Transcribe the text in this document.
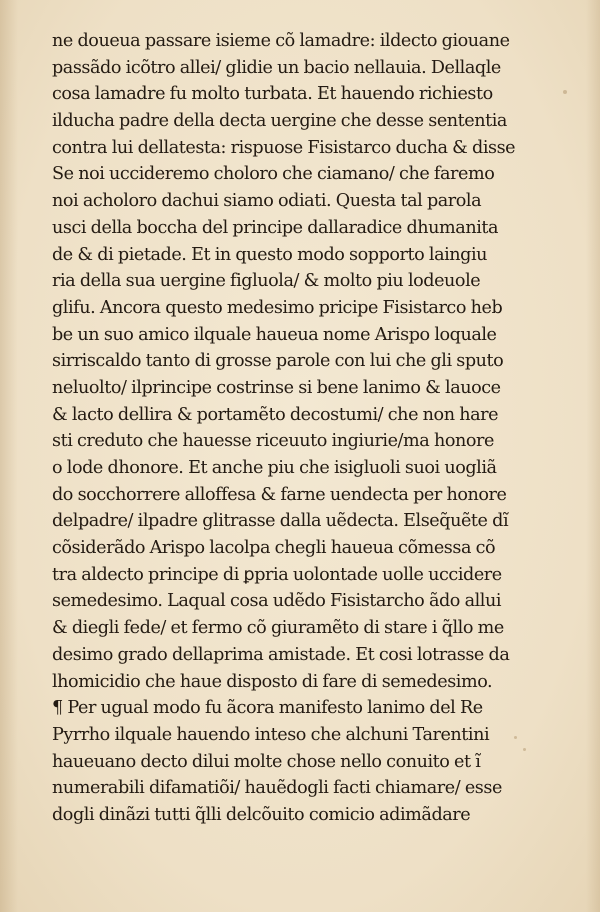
ne doueua passare isieme cõ lamadre: ildecto giouane
passãdo icõtro allei/ glidie un bacio nellauia. Dellaqle
cosa lamadre fu molto turbata. Et hauendo richiesto
ilducha padre della decta uergine che desse sententia
contra lui dellatesta: rispuose Fisistarco ducha & disse
Se noi uccideremo choloro che ciamano/ che faremo
noi acholoro dachui siamo odiati. Questa tal parola
usci della boccha del principe dallaradice dhumanita
de & di pietade. Et in questo modo sopporto laingiu
ria della sua uergine figluola/ & molto piu lodeuole
glifu. Ancora questo medesimo pricipe Fisistarco heb
be un suo amico ilquale haueua nome Arispo loquale
sirriscaldo tanto di grosse parole con lui che gli sputo
neluolto/ ilprincipe costrinse si bene lanimo & lauoce
& lacto dellira & portamẽto decostumi/ che non hare
sti creduto che hauesse riceuuto ingiurie/ma honore
o lode dhonore. Et anche piu che isigluoli suoi uogliã
do socchorrere alloffesa & farne uendecta per honore
delpadre/ ilpadre glitrasse dalla uẽdecta. Elseq̃uẽte dĩ
cõsiderãdo Arispo lacolpa chegli haueua cõmessa cõ
tra aldecto principe di ꝑpria uolontade uolle uccidere
semedesimo. Laqual cosa udẽdo Fisistarcho ãdo allui
& diegli fede/ et fermo cõ giuramẽto di stare i q̃llo me
desimo grado dellaprima amistade. Et cosi lotrasse da
lhomicidio che haue disposto di fare di semedesimo.
¶ Per ugual modo fu ãcora manifesto lanimo del Re
Pyrrho ilquale hauendo inteso che alchuni Tarentini
haueuano decto dilui molte chose nello conuito et ĩ
numerabili difamatiõi/ hauẽdogli facti chiamare/ esse
dogli dinãzi tutti q̃lli delcõuito comicio adimãdare
